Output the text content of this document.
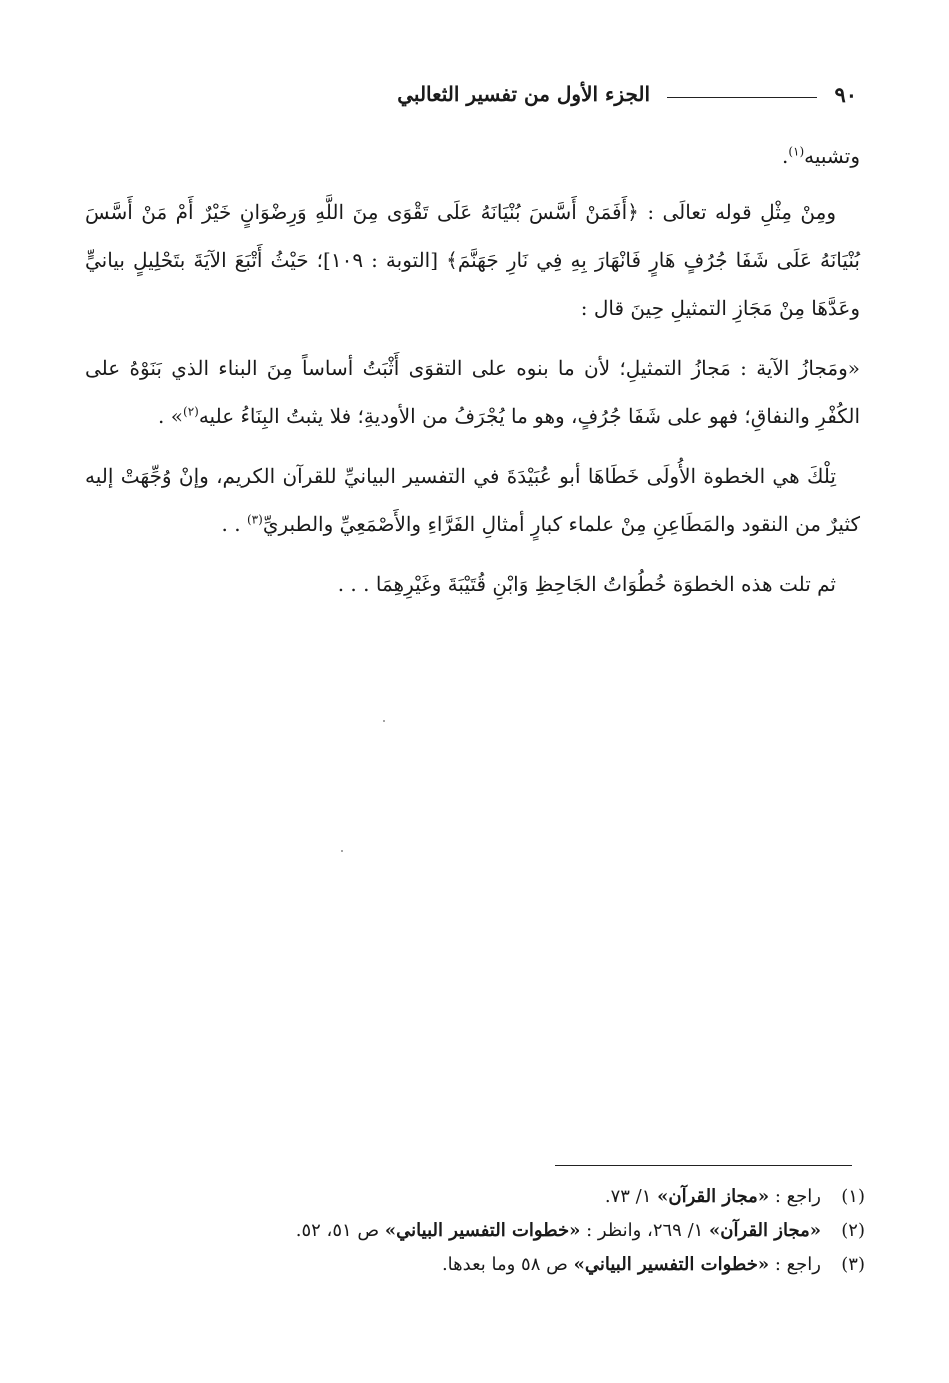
٩٠
الجزء الأول من تفسير الثعالبي

وتشبيه$^{(١)}$.

ومِنْ مِثْلِ قوله تعالَى : ﴿أَفَمَنْ أَسَّسَ بُنْيَانَهُ عَلَى تَقْوَى مِنَ اللَّهِ وَرِضْوَانٍ خَيْرٌ أَمْ مَنْ أَسَّسَ بُنْيَانَهُ عَلَى شَفَا جُرُفٍ هَارٍ فَانْهَارَ بِهِ فِي نَارِ جَهَنَّمَ﴾ [التوبة : ١٠٩]؛ حَيْثُ أَتْبَعَ الآيَةَ بتَحْلِيلٍ بيانيٍّ وعَدَّهَا مِنْ مَجَازِ التمثيلِ حِينَ قال :

«ومَجازُ الآية : مَجازُ التمثيلِ؛ لأن ما بنوه على التقوَى أَثْبَتُ أساساً مِنَ البناء الذي بَنَوْهُ على الكُفْرِ والنفاقِ؛ فهو على شَفَا جُرُفٍ، وهو ما يُجْرَفُ من الأوديةِ؛ فلا يثبتُ البِنَاءُ عليه$^{(٢)}$» .

تِلْكَ هي الخطوة الأُولَى خَطَاهَا أبو عُبَيْدَةَ في التفسير البيانيِّ للقرآن الكريم، وإنْ وُجِّهَتْ إليه كثيرٌ من النقود والمَطَاعِنِ مِنْ علماء كبارٍ أمثالِ الفَرَّاءِ والأَصْمَعِيِّ والطبريِّ$^{(٣)}$ . .

ثم تلت هذه الخطوَة خُطُوَاتُ الجَاحِظِ وَابْنِ قُتَيْبَةَ وغَيْرِهِمَا . . .

(١)
راجع : «مجاز القرآن» ١/ ٧٣.
(٢)
«مجاز القرآن» ١/ ٢٦٩، وانظر : «خطوات التفسير البياني» ص ٥١، ٥٢.
(٣)
راجع : «خطوات التفسير البياني» ص ٥٨ وما بعدها.
